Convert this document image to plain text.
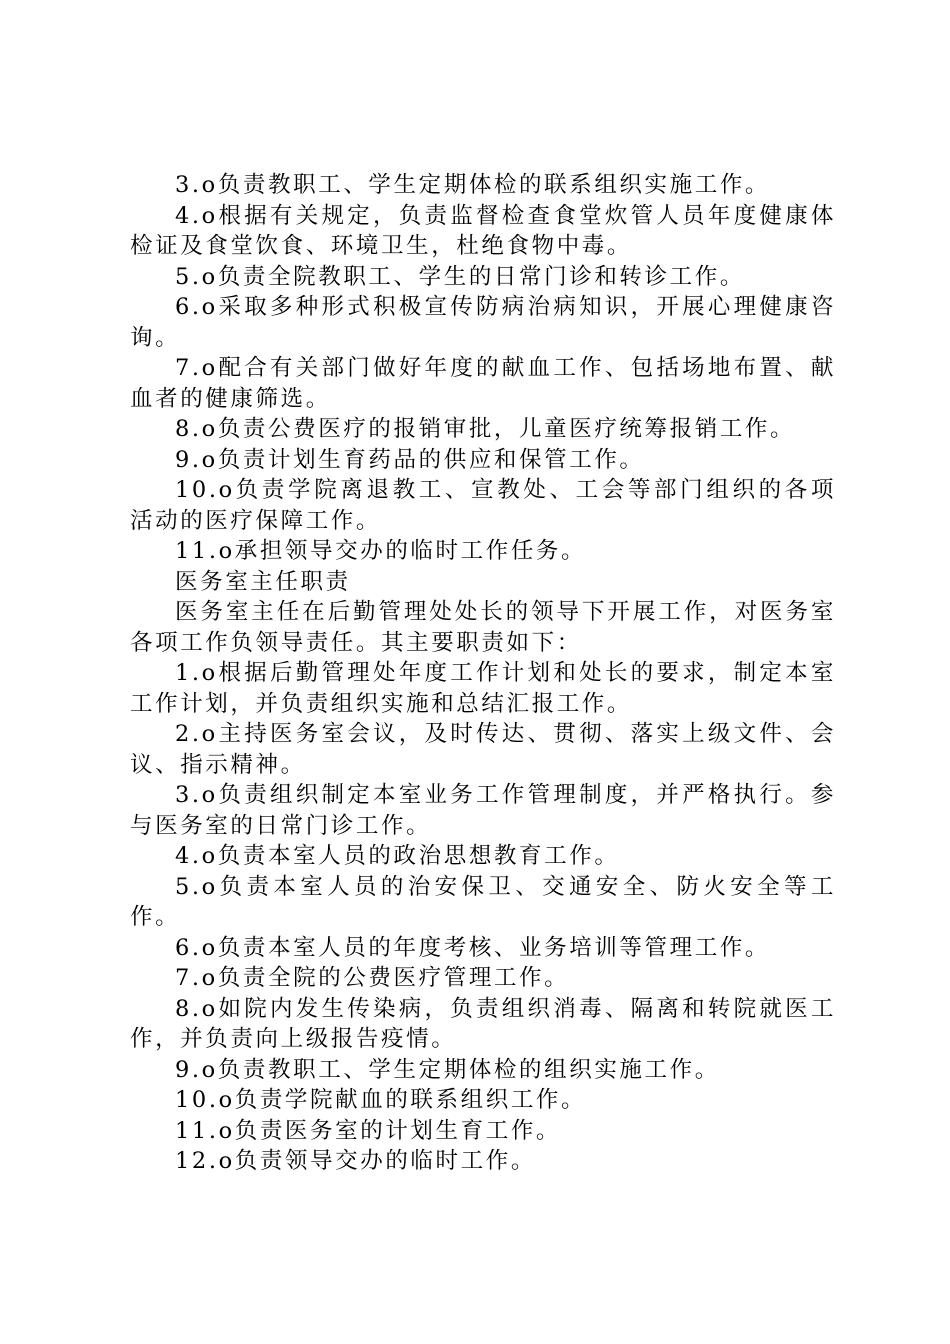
3.o负责教职工、学生定期体检的联系组织实施工作。

4.o根据有关规定，负责监督检查食堂炊管人员年度健康体检证及食堂饮食、环境卫生，杜绝食物中毒。

5.o负责全院教职工、学生的日常门诊和转诊工作。

6.o采取多种形式积极宣传防病治病知识，开展心理健康咨询。

7.o配合有关部门做好年度的献血工作、包括场地布置、献血者的健康筛选。

8.o负责公费医疗的报销审批，儿童医疗统筹报销工作。

9.o负责计划生育药品的供应和保管工作。

10.o负责学院离退教工、宣教处、工会等部门组织的各项活动的医疗保障工作。

11.o承担领导交办的临时工作任务。

医务室主任职责

医务室主任在后勤管理处处长的领导下开展工作，对医务室各项工作负领导责任。其主要职责如下：

1.o根据后勤管理处年度工作计划和处长的要求，制定本室工作计划，并负责组织实施和总结汇报工作。

2.o主持医务室会议，及时传达、贯彻、落实上级文件、会议、指示精神。

3.o负责组织制定本室业务工作管理制度，并严格执行。参与医务室的日常门诊工作。

4.o负责本室人员的政治思想教育工作。

5.o负责本室人员的治安保卫、交通安全、防火安全等工作。

6.o负责本室人员的年度考核、业务培训等管理工作。

7.o负责全院的公费医疗管理工作。

8.o如院内发生传染病，负责组织消毒、隔离和转院就医工作，并负责向上级报告疫情。

9.o负责教职工、学生定期体检的组织实施工作。

10.o负责学院献血的联系组织工作。

11.o负责医务室的计划生育工作。

12.o负责领导交办的临时工作。
